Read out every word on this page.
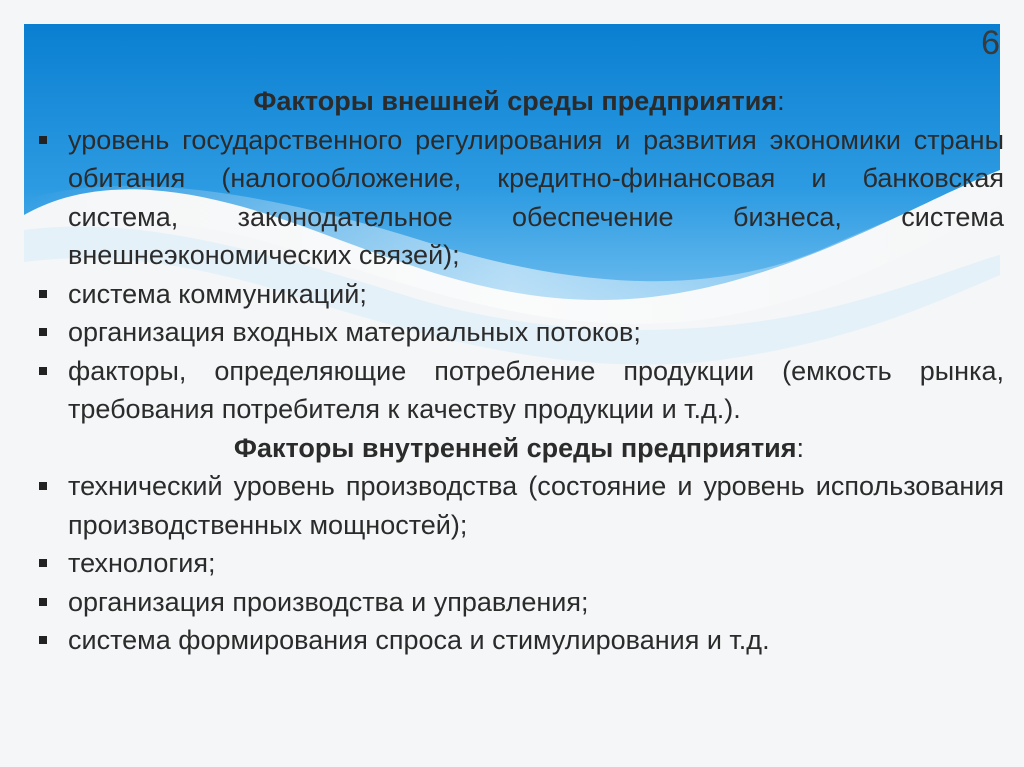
6

Факторы внешней среды предприятия:

уровень государственного регулирования и развития экономики страны обитания (налогообложение, кредитно-финансовая и банковская система, законодательное обеспечение бизнеса, система внешнеэкономических связей);
система коммуникаций;
организация входных материальных потоков;
факторы, определяющие потребление продукции (емкость рынка, требования потребителя к качеству продукции и т.д.).

Факторы внутренней среды предприятия:

технический уровень производства (состояние и уровень использования производственных мощностей);
технология;
организация производства и управления;
система формирования спроса и стимулирования и т.д.
